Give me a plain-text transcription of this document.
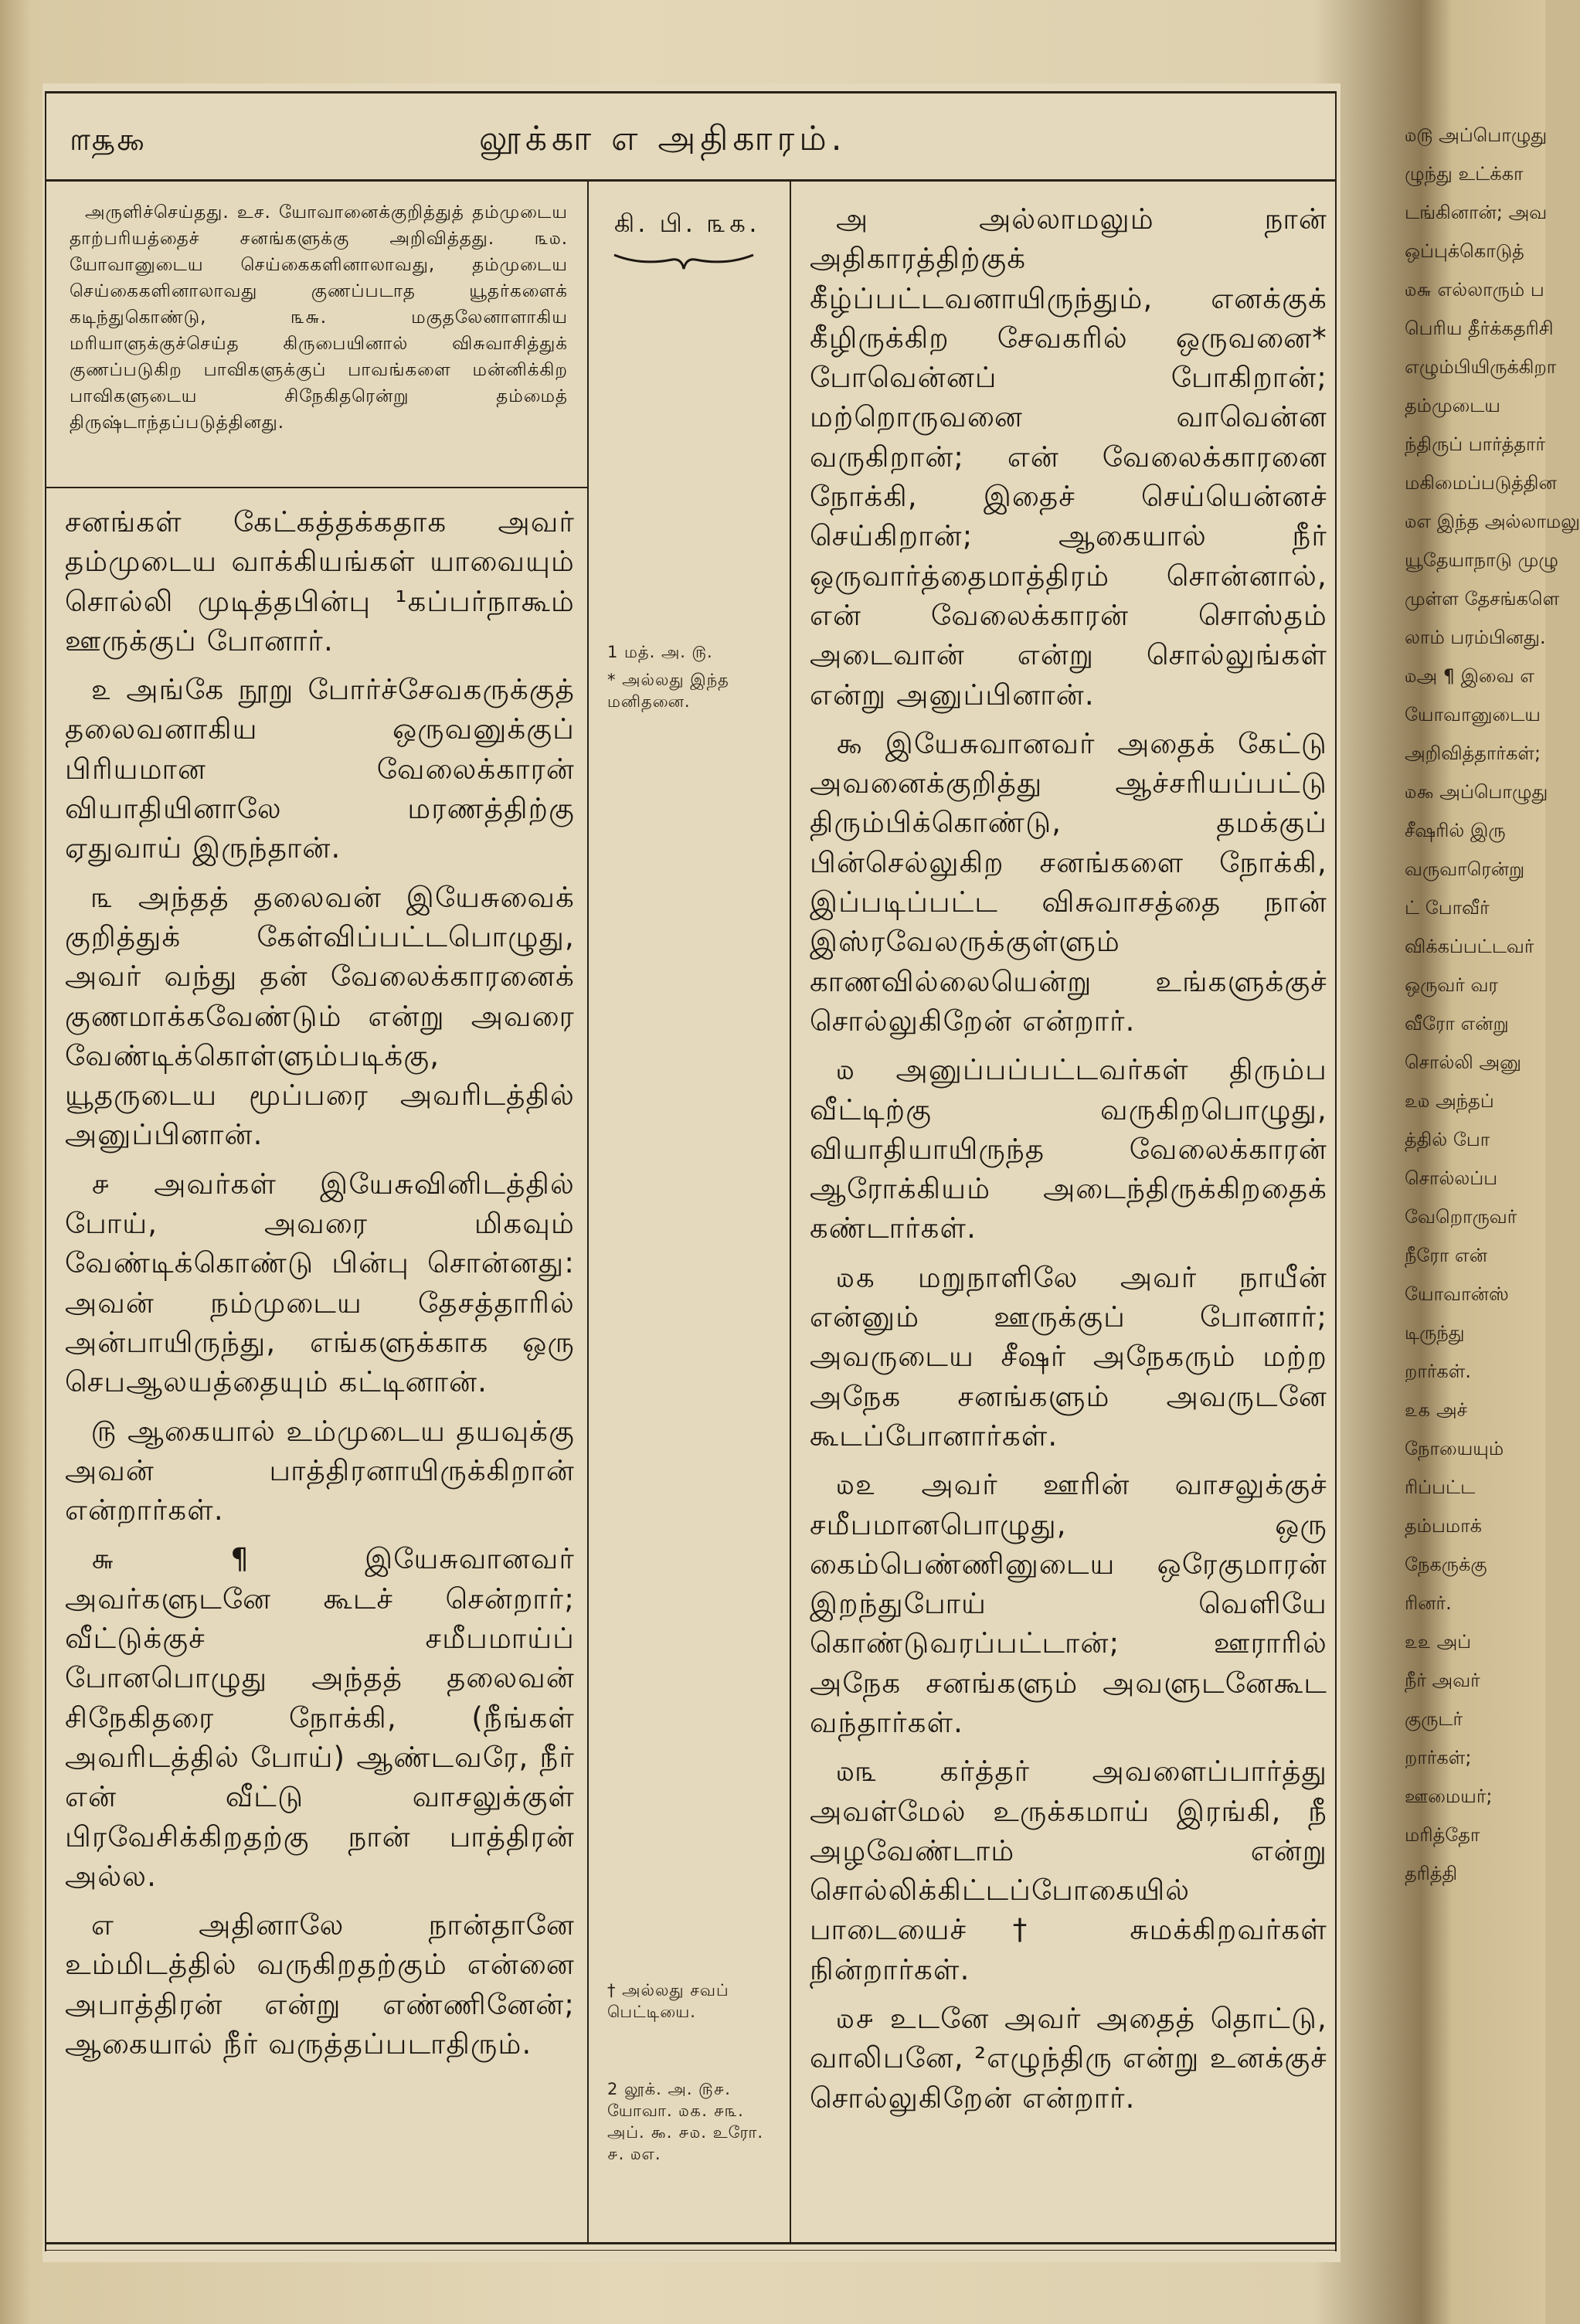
௱௲௯	லூக்கா எ அதிகாரம்.

அருளிச்செய்தது. உச. யோவானைக்குறித்துத் தம்முடைய தாற்பரியத்தைச் சனங்களுக்கு அறிவித்தது. ௩௰. யோவானுடைய செய்கைகளினாலாவது, தம்முடைய செய்கைகளினாலாவது குணப்படாத யூதர்களைக் கடிந்துகொண்டு, ௩௬. மகுதலேனாளாகிய மரியாளுக்குச்செய்த கிருபையினால் விசுவாசித்துக் குணப்படுகிற பாவிகளுக்குப் பாவங்களை மன்னிக்கிற பாவிகளுடைய சிநேகிதரென்று தம்மைத் திருஷ்டாந்தப்படுத்தினது.

சனங்கள் கேட்கத்தக்கதாக அவர் தம்முடைய வாக்கியங்கள் யாவையும் சொல்லி முடித்தபின்பு ¹கப்பர்நாகூம் ஊருக்குப் போனார்.

௨ அங்கே நூறு போர்ச்சேவகருக்குத் தலைவனாகிய ஒருவனுக்குப் பிரியமான வேலைக்காரன் வியாதியினாலே மரணத்திற்கு ஏதுவாய் இருந்தான்.

௩ அந்தத் தலைவன் இயேசுவைக் குறித்துக் கேள்விப்பட்டபொழுது, அவர் வந்து தன் வேலைக்காரனைக் குணமாக்கவேண்டும் என்று அவரை வேண்டிக்கொள்ளும்படிக்கு, யூதருடைய மூப்பரை அவரிடத்தில் அனுப்பினான்.

௪ அவர்கள் இயேசுவினிடத்தில் போய், அவரை மிகவும் வேண்டிக்கொண்டு பின்பு சொன்னது: அவன் நம்முடைய தேசத்தாரில் அன்பாயிருந்து, எங்களுக்காக ஒரு செபஆலயத்தையும் கட்டினான்.

௫ ஆகையால் உம்முடைய தயவுக்கு அவன் பாத்திரனாயிருக்கிறான் என்றார்கள்.

௬ ¶ இயேசுவானவர் அவர்களுடனே கூடச் சென்றார்; வீட்டுக்குச் சமீபமாய்ப் போனபொழுது அந்தத் தலைவன் சிநேகிதரை நோக்கி, (நீங்கள் அவரிடத்தில் போய்) ஆண்டவரே, நீர் என் வீட்டு வாசலுக்குள் பிரவேசிக்கிறதற்கு நான் பாத்திரன் அல்ல.

எ அதினாலே நான்தானே உம்மிடத்தில் வருகிறதற்கும் என்னை அபாத்திரன் என்று எண்ணினேன்; ஆகையால் நீர் வருத்தப்படாதிரும்.

கி. பி. ௩௧.
1 மத். அ. ௫.
* அல்லது இந்த மனிதனை.
† அல்லது சவப் பெட்டியை.
2 லூக். அ. ௫௪. யோவா. ௰௧. ௪௩. அப். ௯. ௪௰. உரோ. ௪. ௰எ.

அ அல்லாமலும் நான் அதிகாரத்திற்குக் கீழ்ப்பட்டவனாயிருந்தும், எனக்குக் கீழிருக்கிற சேவகரில் ஒருவனை* போவென்னப் போகிறான்; மற்றொருவனை வாவென்ன வருகிறான்; என் வேலைக்காரனை நோக்கி, இதைச் செய்யென்னச் செய்கிறான்; ஆகையால் நீர் ஒருவார்த்தைமாத்திரம் சொன்னால், என் வேலைக்காரன் சொஸ்தம் அடைவான் என்று சொல்லுங்கள் என்று அனுப்பினான்.

௯ இயேசுவானவர் அதைக் கேட்டு அவனைக்குறித்து ஆச்சரியப்பட்டு திரும்பிக்கொண்டு, தமக்குப் பின்செல்லுகிற சனங்களை நோக்கி, இப்படிப்பட்ட விசுவாசத்தை நான் இஸ்ரவேலருக்குள்ளும் காணவில்லையென்று உங்களுக்குச் சொல்லுகிறேன் என்றார்.

௰ அனுப்பப்பட்டவர்கள் திரும்ப வீட்டிற்கு வருகிறபொழுது, வியாதியாயிருந்த வேலைக்காரன் ஆரோக்கியம் அடைந்திருக்கிறதைக் கண்டார்கள்.

௰௧ மறுநாளிலே அவர் நாயீன் என்னும் ஊருக்குப் போனார்; அவருடைய சீஷர் அநேகரும் மற்ற அநேக சனங்களும் அவருடனே கூடப்போனார்கள்.

௰௨ அவர் ஊரின் வாசலுக்குச் சமீபமானபொழுது, ஒரு கைம்பெண்ணினுடைய ஒரேகுமாரன் இறந்துபோய் வெளியே கொண்டுவரப்பட்டான்; ஊராரில் அநேக சனங்களும் அவளுடனேகூட வந்தார்கள்.

௰௩ கர்த்தர் அவளைப்பார்த்து அவள்மேல் உருக்கமாய் இரங்கி, நீ அழவேண்டாம் என்று சொல்லிக்கிட்டப்போகையில் பாடையைச்† சுமக்கிறவர்கள் நின்றார்கள்.

௰௪ உடனே அவர் அதைத் தொட்டு, வாலிபனே, ²எழுந்திரு என்று உனக்குச் சொல்லுகிறேன் என்றார்.

௰௫ அப்பொழுது
ழுந்து உட்க்கா
டங்கினான்; அவ
ஒப்புக்கொடுத்
௰௬ எல்லாரும் ப
பெரிய தீர்க்கதரிசி
எழும்பியிருக்கிறா
தம்முடைய
ந்திருப் பார்த்தார்
மகிமைப்படுத்தின
௰எ இந்த அல்லாமலு
யூதேயாநாடு முழு
முள்ள தேசங்களெ
லாம் பரம்பினது.
௰அ ¶ இவை எ
யோவானுடைய
அறிவித்தார்கள்;
௰௯ அப்பொழுது
சீஷரில் இரு
வருவாரென்று
ட் போவீர்
விக்கப்பட்டவர்
ஒருவர் வர
வீரோ என்று
சொல்லி அனு
௨௰ அந்தப்
த்தில் போ
சொல்லப்ப
வேறொருவர்
நீரோ என்
யோவான்ஸ்
டிருந்து
றார்கள்.
௨௧ அச்
நோயையும்
ரிப்பட்ட
தம்பமாக்
நேகருக்கு
ரினர்.
௨௨ அப்
நீர் அவர்
குருடர்
றார்கள்;
ஊமையர்;
மரித்தோ
தரித்தி
